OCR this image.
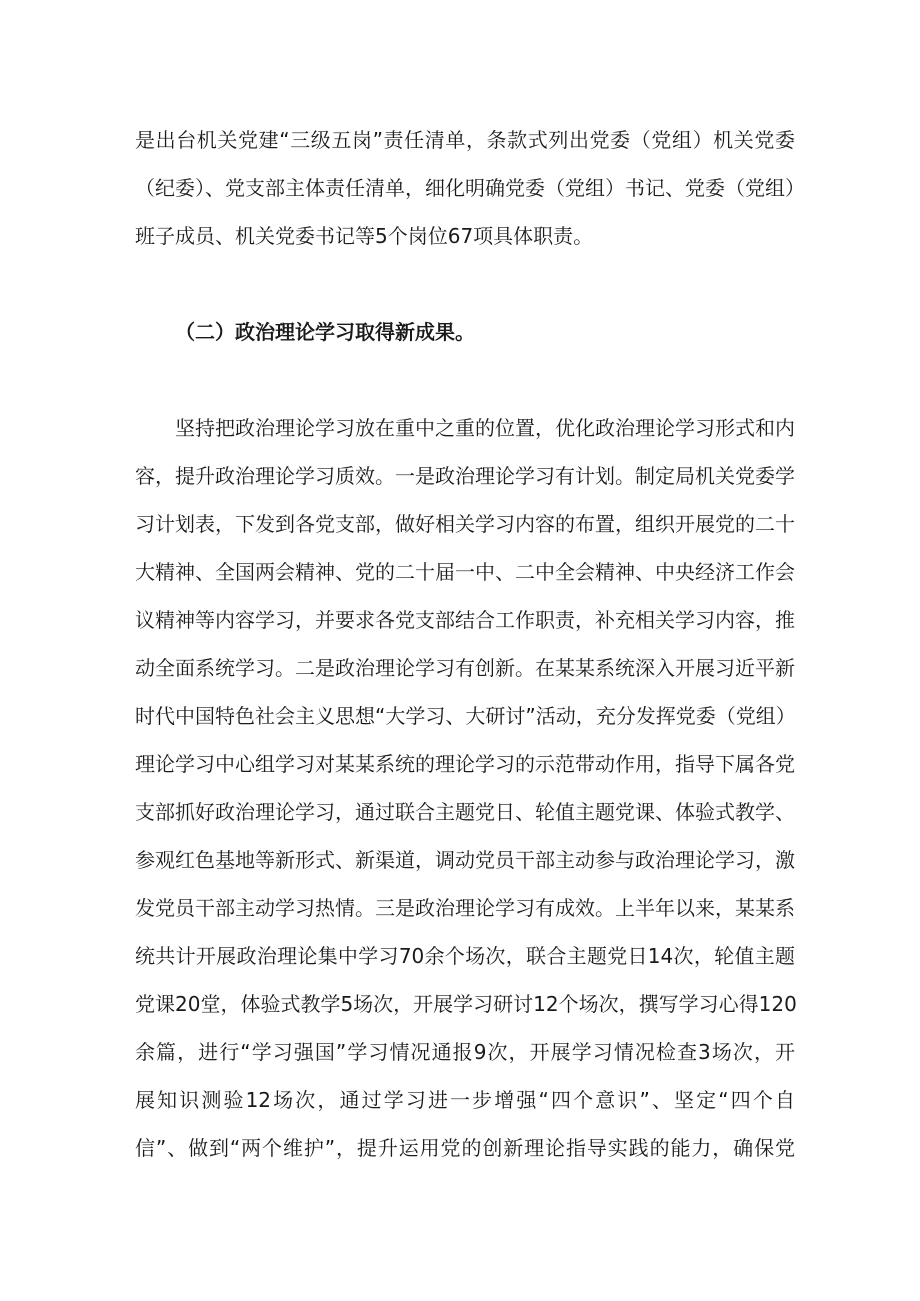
是出台机关党建“三级五岗”责任清单，条款式列出党委（党组）机关党委
（纪委）、党支部主体责任清单，细化明确党委（党组）书记、党委（党组）
班子成员、机关党委书记等5个岗位67项具体职责。
（二）政治理论学习取得新成果。
坚持把政治理论学习放在重中之重的位置，优化政治理论学习形式和内
容，提升政治理论学习质效。一是政治理论学习有计划。制定局机关党委学
习计划表，下发到各党支部，做好相关学习内容的布置，组织开展党的二十
大精神、全国两会精神、党的二十届一中、二中全会精神、中央经济工作会
议精神等内容学习，并要求各党支部结合工作职责，补充相关学习内容，推
动全面系统学习。二是政治理论学习有创新。在某某系统深入开展习近平新
时代中国特色社会主义思想“大学习、大研讨”活动，充分发挥党委（党组）
理论学习中心组学习对某某系统的理论学习的示范带动作用，指导下属各党
支部抓好政治理论学习，通过联合主题党日、轮值主题党课、体验式教学、
参观红色基地等新形式、新渠道，调动党员干部主动参与政治理论学习，激
发党员干部主动学习热情。三是政治理论学习有成效。上半年以来，某某系
统共计开展政治理论集中学习70余个场次，联合主题党日14次，轮值主题
党课20堂，体验式教学5场次，开展学习研讨12个场次，撰写学习心得120
余篇，进行“学习强国”学习情况通报9次，开展学习情况检查3场次，开
展知识测验12场次，通过学习进一步增强“四个意识”、坚定“四个自
信”、做到“两个维护”，提升运用党的创新理论指导实践的能力，确保党
